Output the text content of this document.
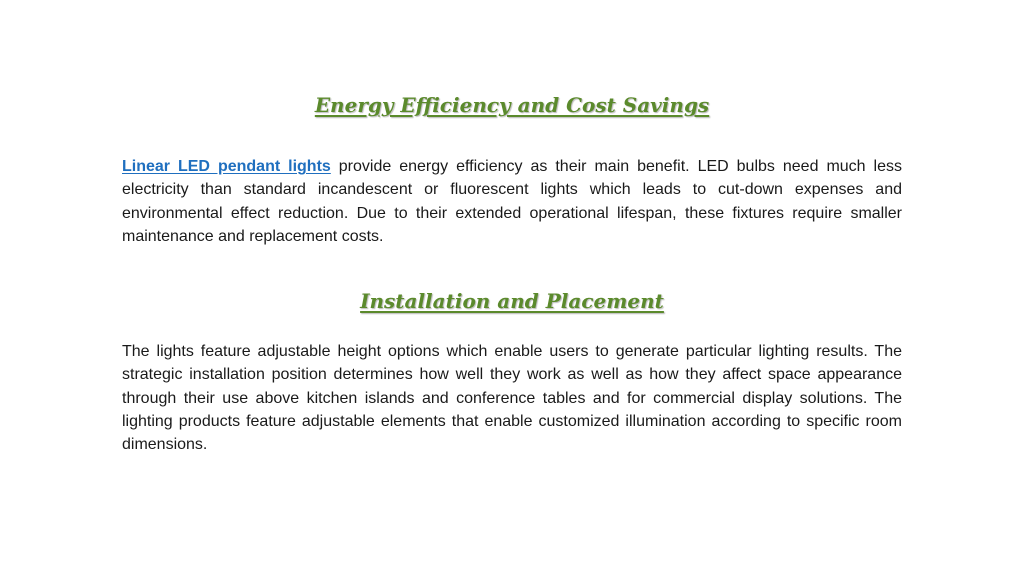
Energy Efficiency and Cost Savings

Linear LED pendant lights provide energy efficiency as their main benefit. LED bulbs need much less electricity than standard incandescent or fluorescent lights which leads to cut-down expenses and environmental effect reduction. Due to their extended operational lifespan, these fixtures require smaller maintenance and replacement costs.

Installation and Placement

The lights feature adjustable height options which enable users to generate particular lighting results. The strategic installation position determines how well they work as well as how they affect space appearance through their use above kitchen islands and conference tables and for commercial display solutions. The lighting products feature adjustable elements that enable customized illumination according to specific room dimensions.
